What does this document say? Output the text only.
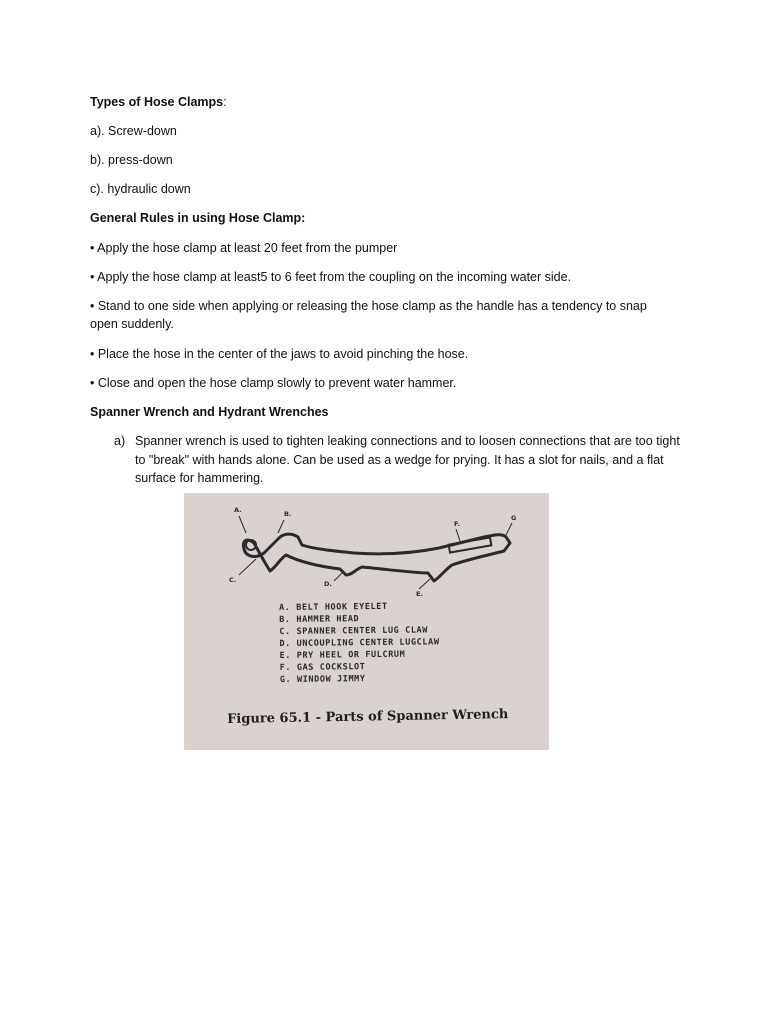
Types of Hose Clamps:
a). Screw-down
b). press-down
c). hydraulic down
General Rules in using Hose Clamp:
• Apply the hose clamp at least 20 feet from the pumper
• Apply the hose clamp at least5 to 6 feet from the coupling on the incoming water side.
• Stand to one side when applying or releasing the hose clamp as the handle has a tendency to snap open suddenly.
• Place the hose in the center of the jaws to avoid pinching the hose.
• Close and open the hose clamp slowly to prevent water hammer.
Spanner Wrench and Hydrant Wrenches
a) Spanner wrench is used to tighten leaking connections and to loosen connections that are too tight to "break" with hands alone. Can be used as a wedge for prying. It has a slot for nails, and a flat surface for hammering.
A.	B.
C.	D.
E.
F.
G
A. BELT HOOK EYELET
B. HAMMER HEAD
C. SPANNER CENTER LUG CLAW
D. UNCOUPLING CENTER LUGCLAW
E. PRY HEEL OR FULCRUM
F. GAS COCKSLOT
G. WINDOW JIMMY
Figure 65.1 - Parts of Spanner Wrench
